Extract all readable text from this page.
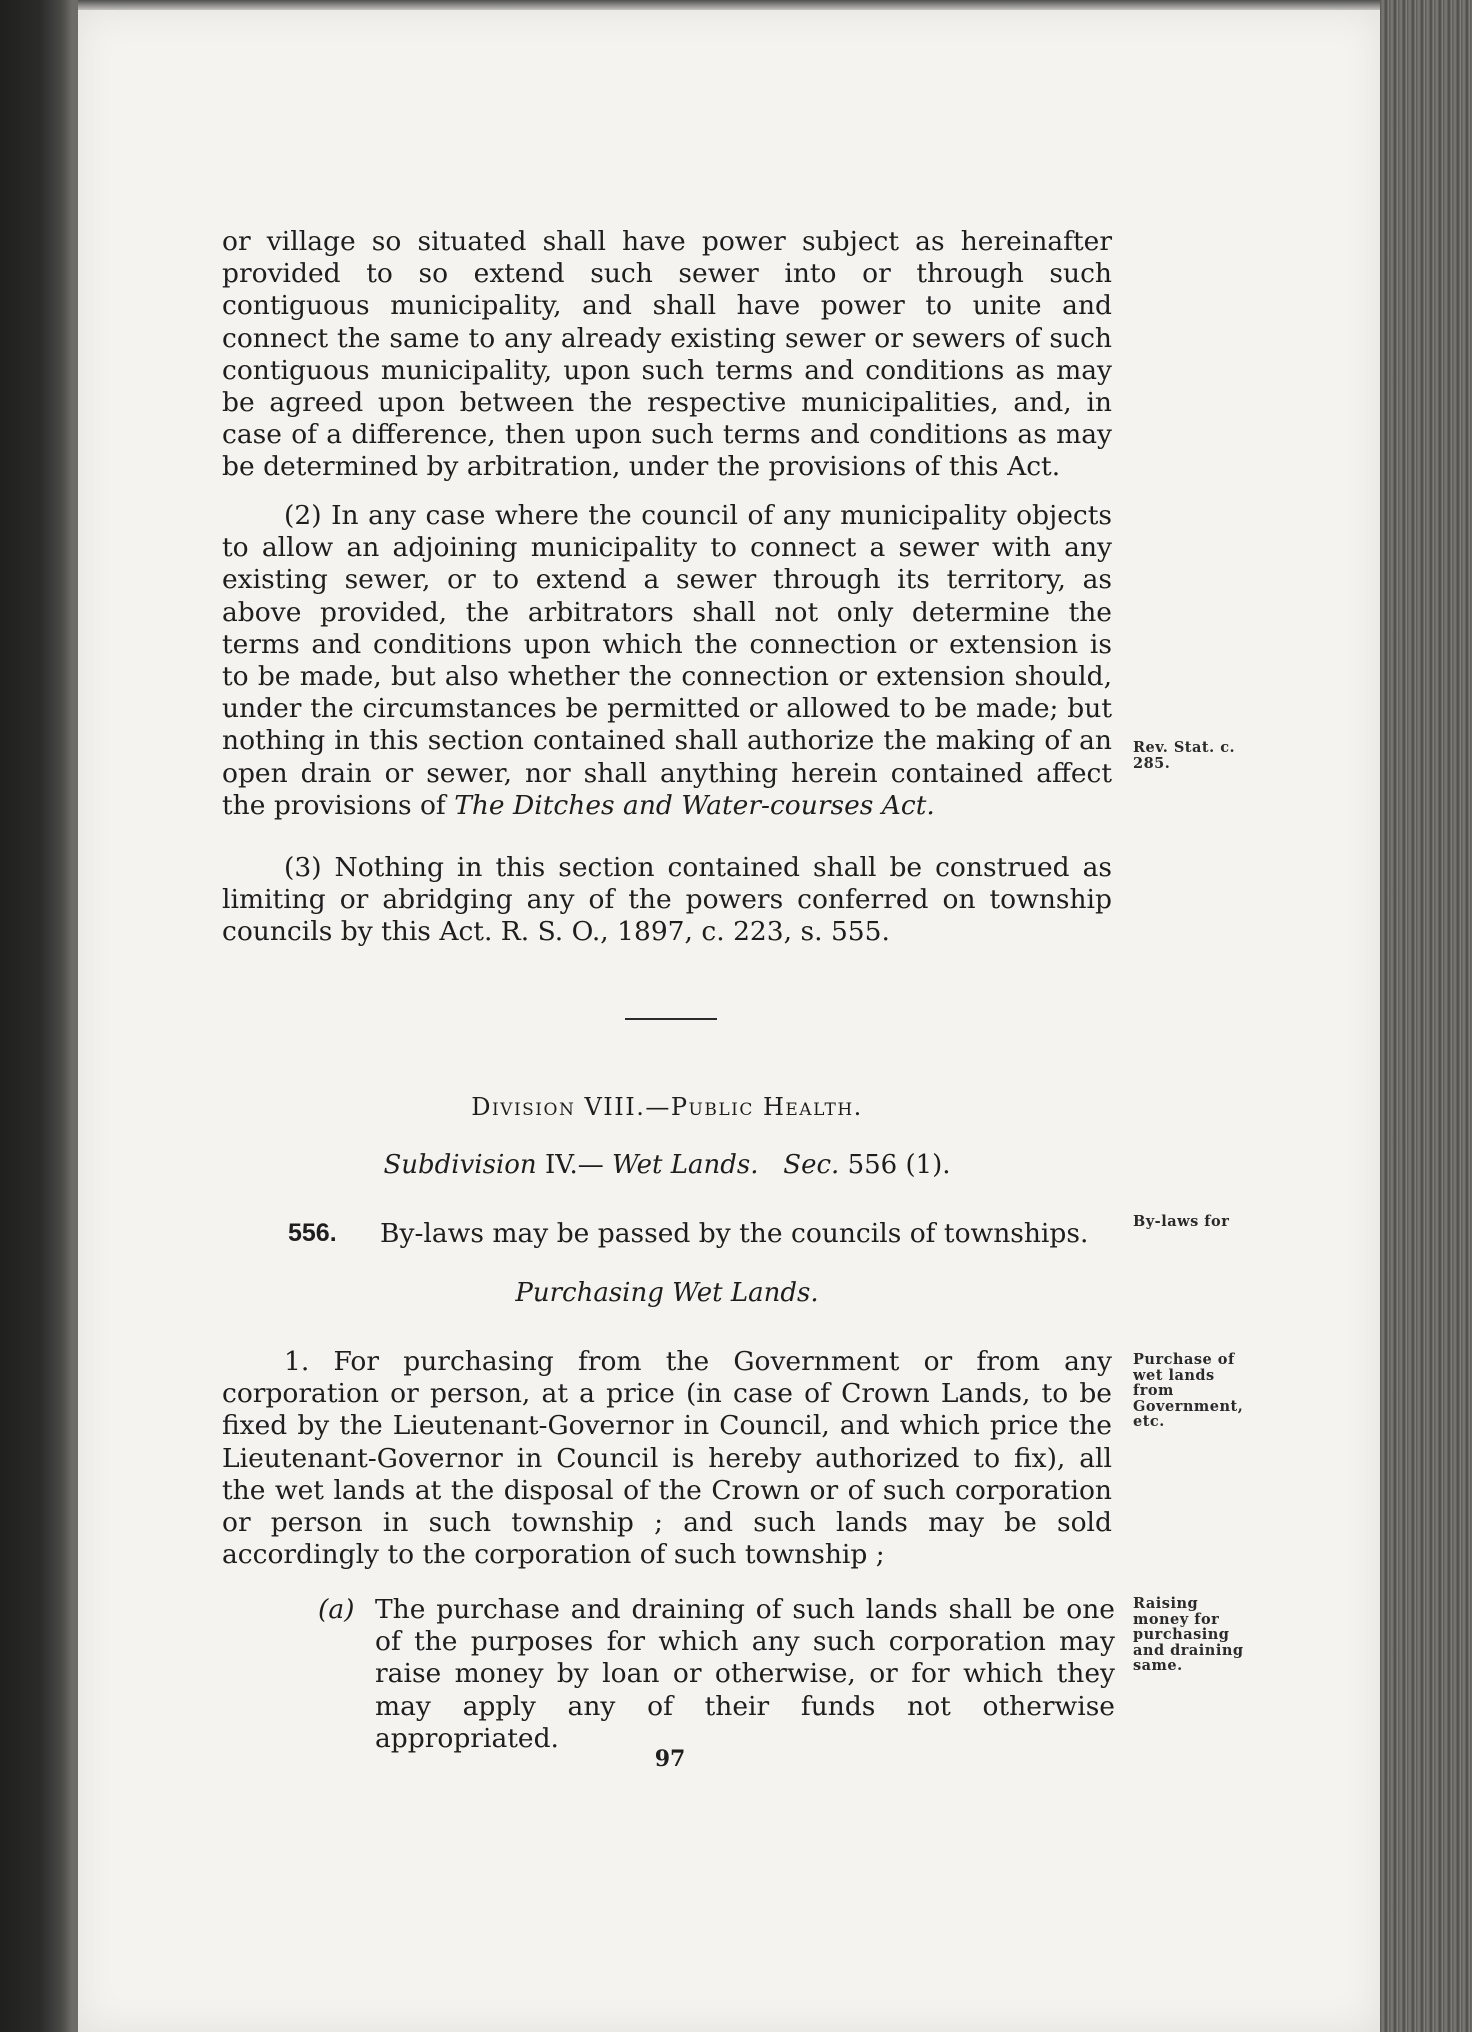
or village so situated shall have power subject as hereinafter provided to so extend such sewer into or through such contiguous municipality, and shall have power to unite and connect the same to any already existing sewer or sewers of such contiguous municipality, upon such terms and conditions as may be agreed upon between the respective municipalities, and, in case of a difference, then upon such terms and conditions as may be determined by arbitration, under the provisions of this Act.

(2) In any case where the council of any municipality objects to allow an adjoining municipality to connect a sewer with any existing sewer, or to extend a sewer through its territory, as above provided, the arbitrators shall not only determine the terms and conditions upon which the connection or extension is to be made, but also whether the connection or extension should, under the circumstances be permitted or allowed to be made; but nothing in this section contained shall authorize the making of an open drain or sewer, nor shall anything herein contained affect the provisions of The Ditches and Water-courses Act.

Rev. Stat. c. 285.

(3) Nothing in this section contained shall be construed as limiting or abridging any of the powers conferred on township councils by this Act. R. S. O., 1897, c. 223, s. 555.

Division VIII.—Public Health.

Subdivision IV.— Wet Lands. Sec. 556 (1).

556. By-laws may be passed by the councils of townships.	By-laws for

Purchasing Wet Lands.

1. For purchasing from the Government or from any corporation or person, at a price (in case of Crown Lands, to be fixed by the Lieutenant-Governor in Council, and which price the Lieutenant-Governor in Council is hereby authorized to fix), all the wet lands at the disposal of the Crown or of such corporation or person in such township ; and such lands may be sold accordingly to the corporation of such township ;

Purchase of wet lands from Government, etc.

(a) The purchase and draining of such lands shall be one of the purposes for which any such corporation may raise money by loan or otherwise, or for which they may apply any of their funds not otherwise appropriated.

Raising money for purchasing and draining same.
97
